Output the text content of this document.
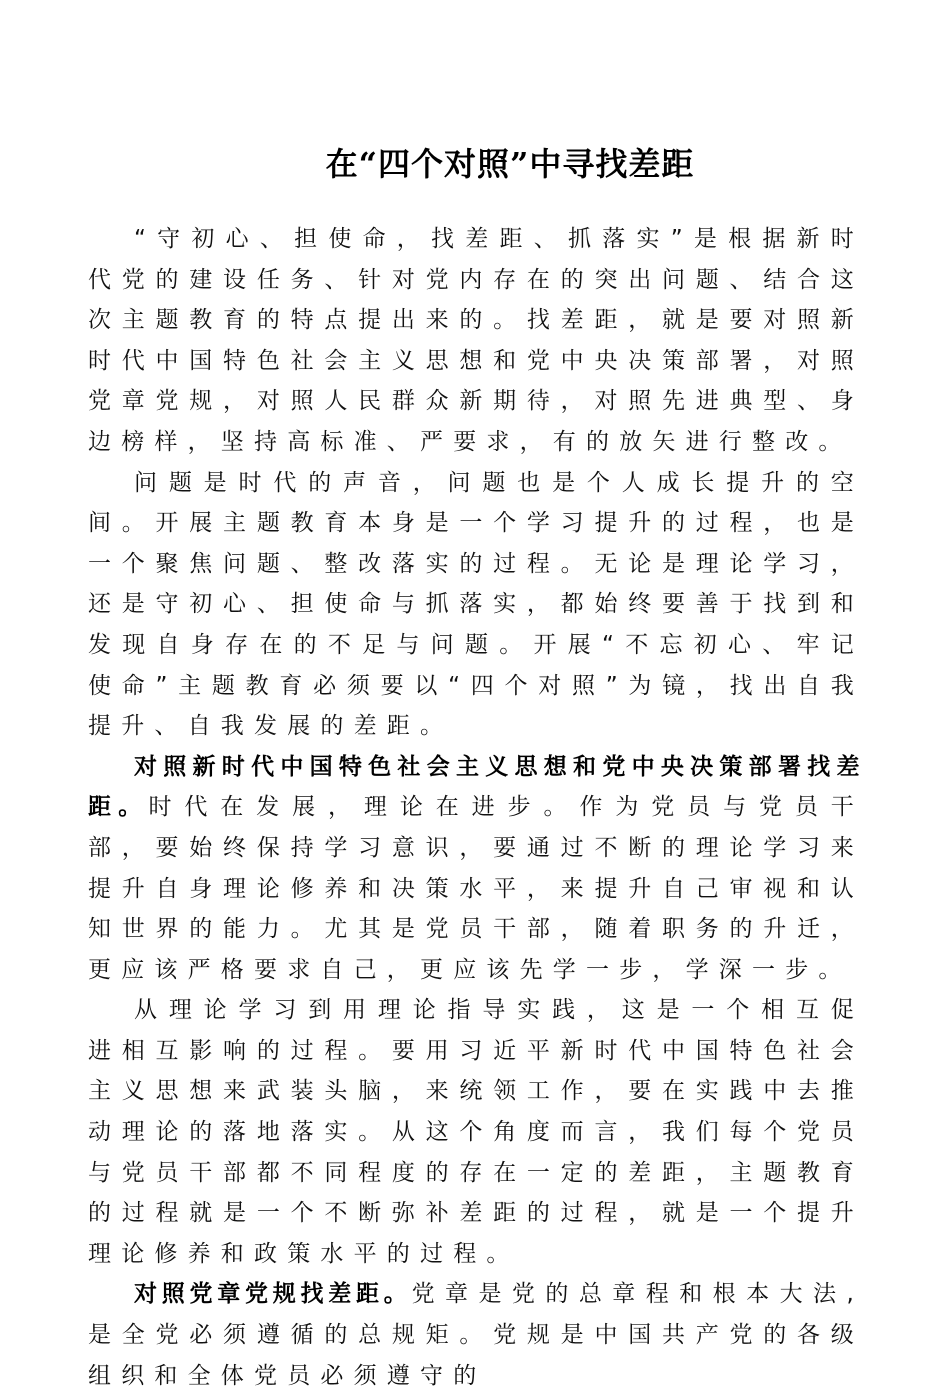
在“四个对照”中寻找差距

“守初心、担使命，找差距、抓落实”是根据新时代党的建设任务、针对党内存在的突出问题、结合这次主题教育的特点提出来的。找差距，就是要对照新时代中国特色社会主义思想和党中央决策部署，对照党章党规，对照人民群众新期待，对照先进典型、身边榜样，坚持高标准、严要求，有的放矢进行整改。

问题是时代的声音，问题也是个人成长提升的空间。开展主题教育本身是一个学习提升的过程，也是一个聚焦问题、整改落实的过程。无论是理论学习，还是守初心、担使命与抓落实，都始终要善于找到和发现自身存在的不足与问题。开展“不忘初心、牢记使命”主题教育必须要以“四个对照”为镜，找出自我提升、自我发展的差距。

对照新时代中国特色社会主义思想和党中央决策部署找差距。时代在发展，理论在进步。作为党员与党员干部，要始终保持学习意识，要通过不断的理论学习来提升自身理论修养和决策水平，来提升自己审视和认知世界的能力。尤其是党员干部，随着职务的升迁，更应该严格要求自己，更应该先学一步，学深一步。

从理论学习到用理论指导实践，这是一个相互促进相互影响的过程。要用习近平新时代中国特色社会主义思想来武装头脑，来统领工作，要在实践中去推动理论的落地落实。从这个角度而言，我们每个党员与党员干部都不同程度的存在一定的差距，主题教育的过程就是一个不断弥补差距的过程，就是一个提升理论修养和政策水平的过程。

对照党章党规找差距。党章是党的总章程和根本大法,是全党必须遵循的总规矩。党规是中国共产党的各级组织和全体党员必须遵守的
